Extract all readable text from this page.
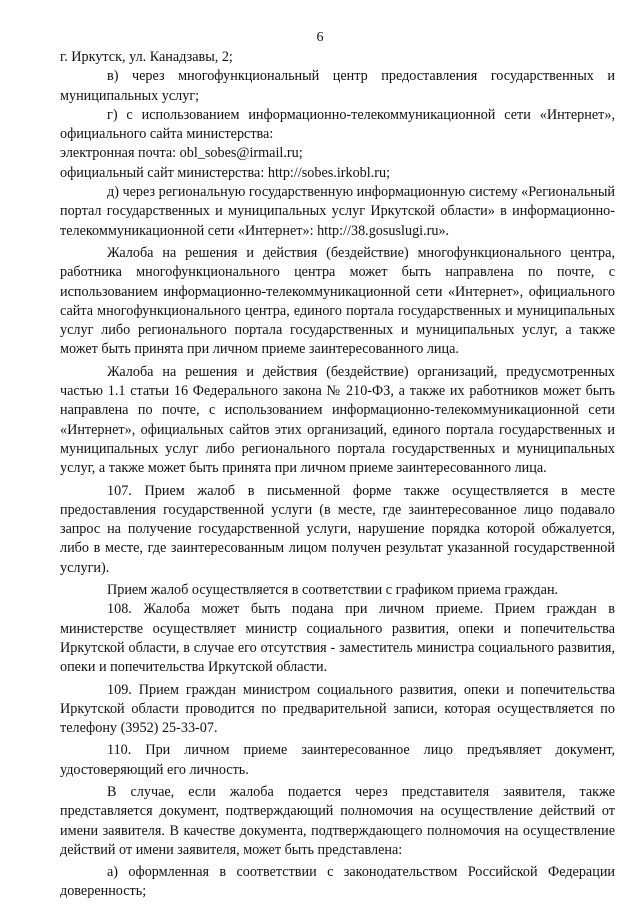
6

г. Иркутск, ул. Канадзавы, 2;

в) через многофункциональный центр предоставления государственных и муниципальных услуг;

г) с использованием информационно-телекоммуникационной сети «Интернет», официального сайта министерства:

электронная почта: obl_sobes@irmail.ru;

официальный сайт министерства: http://sobes.irkobl.ru;

д) через региональную государственную информационную систему «Региональный портал государственных и муниципальных услуг Иркутской области» в информационно-телекоммуникационной сети «Интернет»: http://38.gosuslugi.ru».

Жалоба на решения и действия (бездействие) многофункционального центра, работника многофункционального центра может быть направлена по почте, с использованием информационно-телекоммуникационной сети «Интернет», официального сайта многофункционального центра, единого портала государственных и муниципальных услуг либо регионального портала государственных и муниципальных услуг, а также может быть принята при личном приеме заинтересованного лица.

Жалоба на решения и действия (бездействие) организаций, предусмотренных частью 1.1 статьи 16 Федерального закона № 210-ФЗ, а также их работников может быть направлена по почте, с использованием информационно-телекоммуникационной сети «Интернет», официальных сайтов этих организаций, единого портала государственных и муниципальных услуг либо регионального портала государственных и муниципальных услуг, а также может быть принята при личном приеме заинтересованного лица.

107. Прием жалоб в письменной форме также осуществляется в месте предоставления государственной услуги (в месте, где заинтересованное лицо подавало запрос на получение государственной услуги, нарушение порядка которой обжалуется, либо в месте, где заинтересованным лицом получен результат указанной государственной услуги).

Прием жалоб осуществляется в соответствии с графиком приема граждан.

108. Жалоба может быть подана при личном приеме. Прием граждан в министерстве осуществляет министр социального развития, опеки и попечительства Иркутской области, в случае его отсутствия - заместитель министра социального развития, опеки и попечительства Иркутской области.

109. Прием граждан министром социального развития, опеки и попечительства Иркутской области проводится по предварительной записи, которая осуществляется по телефону (3952) 25-33-07.

110. При личном приеме заинтересованное лицо предъявляет документ, удостоверяющий его личность.

В случае, если жалоба подается через представителя заявителя, также представляется документ, подтверждающий полномочия на осуществление действий от имени заявителя. В качестве документа, подтверждающего полномочия на осуществление действий от имени заявителя, может быть представлена:

а) оформленная в соответствии с законодательством Российской Федерации доверенность;
